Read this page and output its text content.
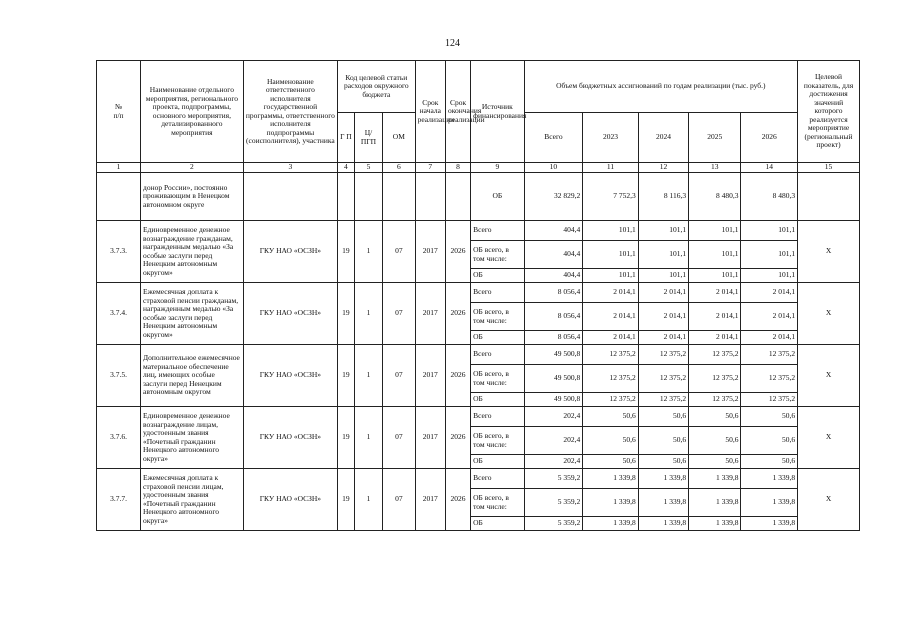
124
№
п/п	Наименование отдельного мероприятия, регионального проекта, подпрограммы, основного мероприятия, детализированного мероприятия	Наименование ответственного исполнителя государственной программы, ответственного исполнителя подпрограммы (соисполнителя), участника	Код целевой статьи расходов окружного бюджета			Срок начала реализации	Срок окончания реализации	Источник финансирования	Объем бюджетных ассигнований по годам реализации (тыс. руб.)					Целевой показатель, для достижения значений которого реализуется мероприятие (региональный проект)
			Г П	Ц/ ПГП	ОМ				Всего	2023	2024	2025	2026
1	2	3	4	5	6	7	8	9	10	11	12	13	14	15
	донор России», постоянно проживающим в Ненецком автономном округе							ОБ	32 829,2	7 752,3	8 116,3	8 480,3	8 480,3	
3.7.3.	Единовременное денежное вознаграждение гражданам, награжденным медалью «За особые заслуги перед Ненецким автономным округом»	ГКУ НАО «ОСЗН»	19	1	07	2017	2026	Всего	404,4	101,1	101,1	101,1	101,1	Х
								ОБ всего, в том числе:	404,4	101,1	101,1	101,1	101,1	
								ОБ	404,4	101,1	101,1	101,1	101,1	
3.7.4.	Ежемесячная доплата к страховой пенсии гражданам, награжденным медалью «За особые заслуги перед Ненецким автономным округом»	ГКУ НАО «ОСЗН»	19	1	07	2017	2026	Всего	8 056,4	2 014,1	2 014,1	2 014,1	2 014,1	Х
								ОБ всего, в том числе:	8 056,4	2 014,1	2 014,1	2 014,1	2 014,1	
								ОБ	8 056,4	2 014,1	2 014,1	2 014,1	2 014,1	
3.7.5.	Дополнительное ежемесячное материальное обеспечение лиц, имеющих особые заслуги перед Ненецким автономным округом	ГКУ НАО «ОСЗН»	19	1	07	2017	2026	Всего	49 500,8	12 375,2	12 375,2	12 375,2	12 375,2	Х
								ОБ всего, в том числе:	49 500,8	12 375,2	12 375,2	12 375,2	12 375,2	
								ОБ	49 500,8	12 375,2	12 375,2	12 375,2	12 375,2	
3.7.6.	Единовременное денежное вознаграждение лицам, удостоенным звания «Почетный гражданин Ненецкого автономного округа»	ГКУ НАО «ОСЗН»	19	1	07	2017	2026	Всего	202,4	50,6	50,6	50,6	50,6	Х
								ОБ всего, в том числе:	202,4	50,6	50,6	50,6	50,6	
								ОБ	202,4	50,6	50,6	50,6	50,6	
3.7.7.	Ежемесячная доплата к страховой пенсии лицам, удостоенным звания «Почетный гражданин Ненецкого автономного округа»	ГКУ НАО «ОСЗН»	19	1	07	2017	2026	Всего	5 359,2	1 339,8	1 339,8	1 339,8	1 339,8	Х
								ОБ всего, в том числе:	5 359,2	1 339,8	1 339,8	1 339,8	1 339,8	
								ОБ	5 359,2	1 339,8	1 339,8	1 339,8	1 339,8	
